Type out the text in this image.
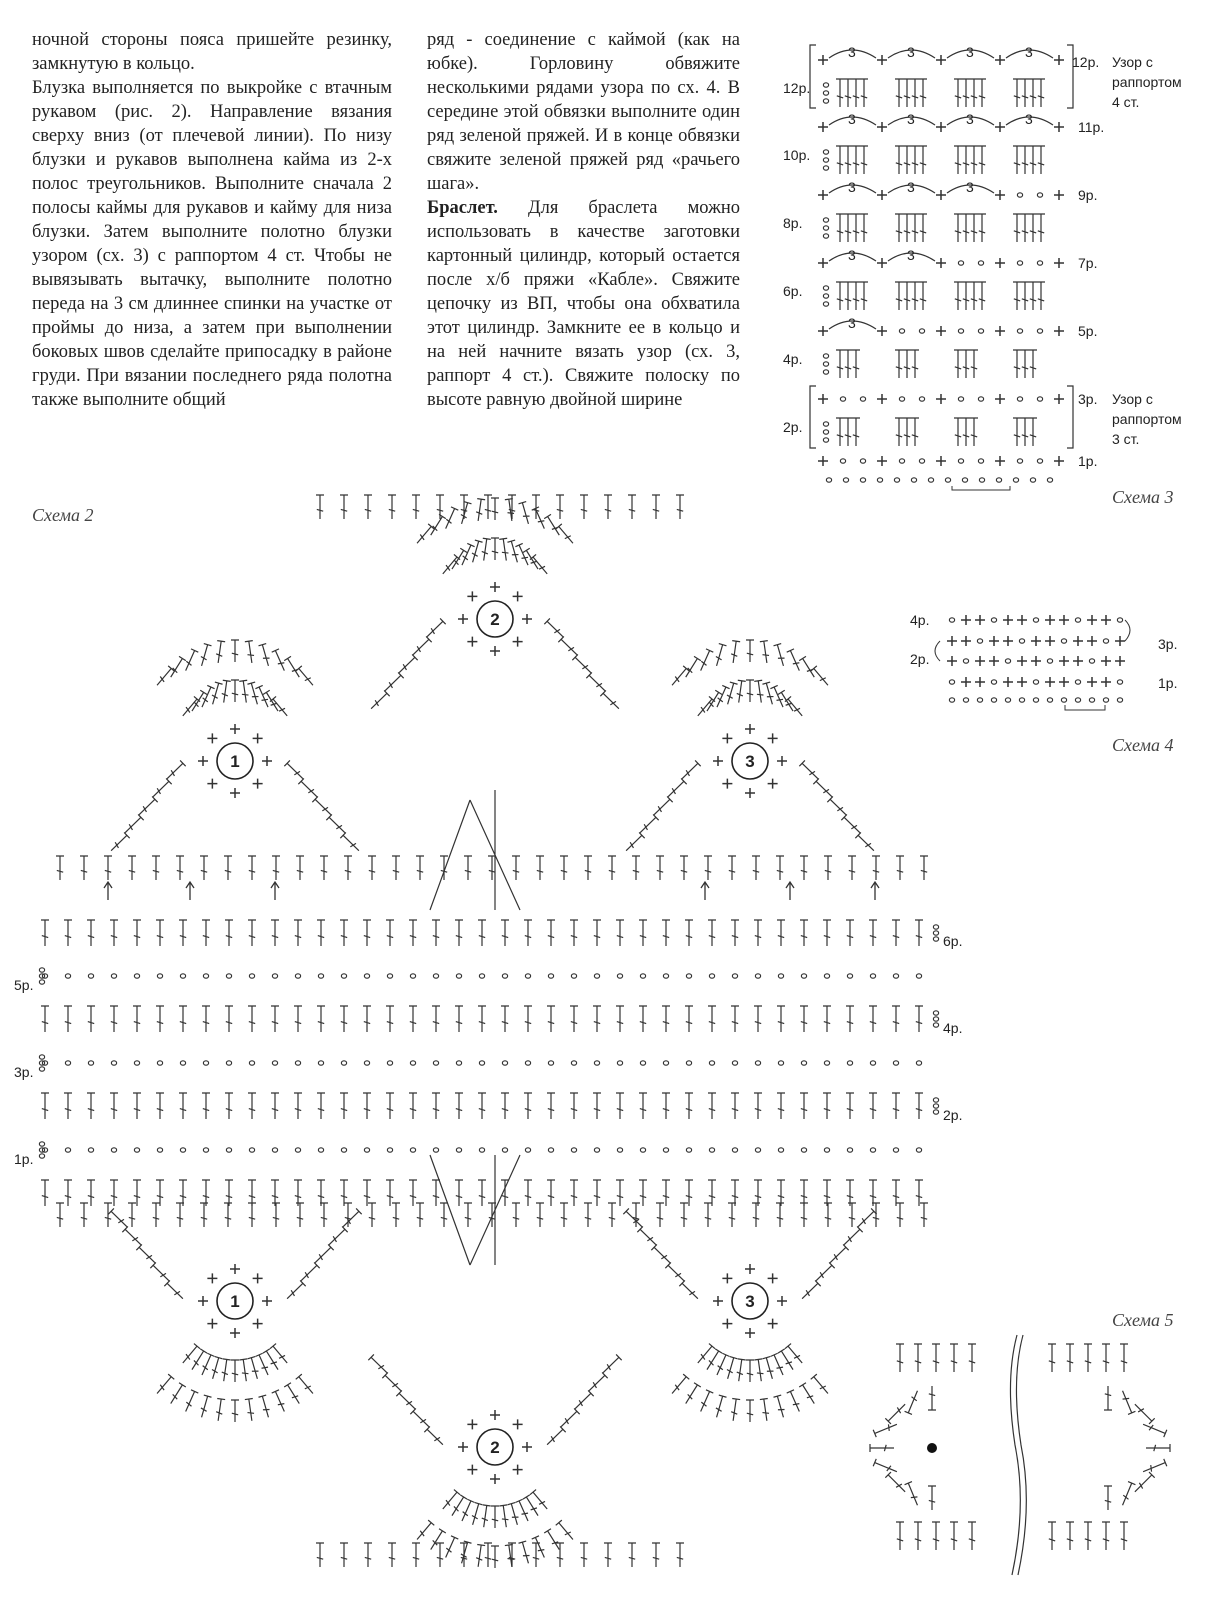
ночной стороны пояса пришейте резинку, замкнутую в кольцо.

Блузка выполняется по выкройке с втачным рукавом (рис. 2). Направление вязания сверху вниз (от плечевой линии). По низу блузки и рукавов выполнена кайма из 2-х полос треугольников. Выполните сначала 2 полосы каймы для рукавов и кайму для низа блузки. Затем выполните полотно блузки узором (сх. 3) с раппортом 4 ст. Чтобы не вывязывать вытачку, выполните полотно переда на 3 см длиннее спинки на участке от проймы до низа, а затем при выполнении боковых швов сделайте припосадку в районе груди. При вязании последнего ряда полотна также выполните общий

ряд - соединение с каймой (как на юбке). Горловину обвяжите несколькими рядами узора по сх. 4. В середине этой обвязки выполните один ряд зеленой пряжей. И в конце обвязки свяжите зеленой пряжей ряд «рачьего шага».

Браслет. Для браслета можно использовать в качестве заготовки картонный цилиндр, который остается после х/б пряжи «Кабле». Свяжите цепочку из ВП, чтобы она обхватила этот цилиндр. Замкните ее в кольцо и на ней начните вязать узор (сх. 3, раппорт 4 ст.). Свяжите полоску по высоте равную двойной ширине

Схема 2
Схема 3
Схема 4
Схема 5
3	3	3	3
3	3	3	3
3	3	3
3	3
3
12р.
11р.
9р.
7р.
5р.
3р.
1р.
12р.
10р.
8р.
6р.
4р.
2р.
Узор с
раппортом
4 ст.
Узор с
раппортом
3 ст.
4р.
3р.
2р.
1р.
6р.
4р.
2р.
5р.
3р.
1р.
1
2
3
1
2
3
